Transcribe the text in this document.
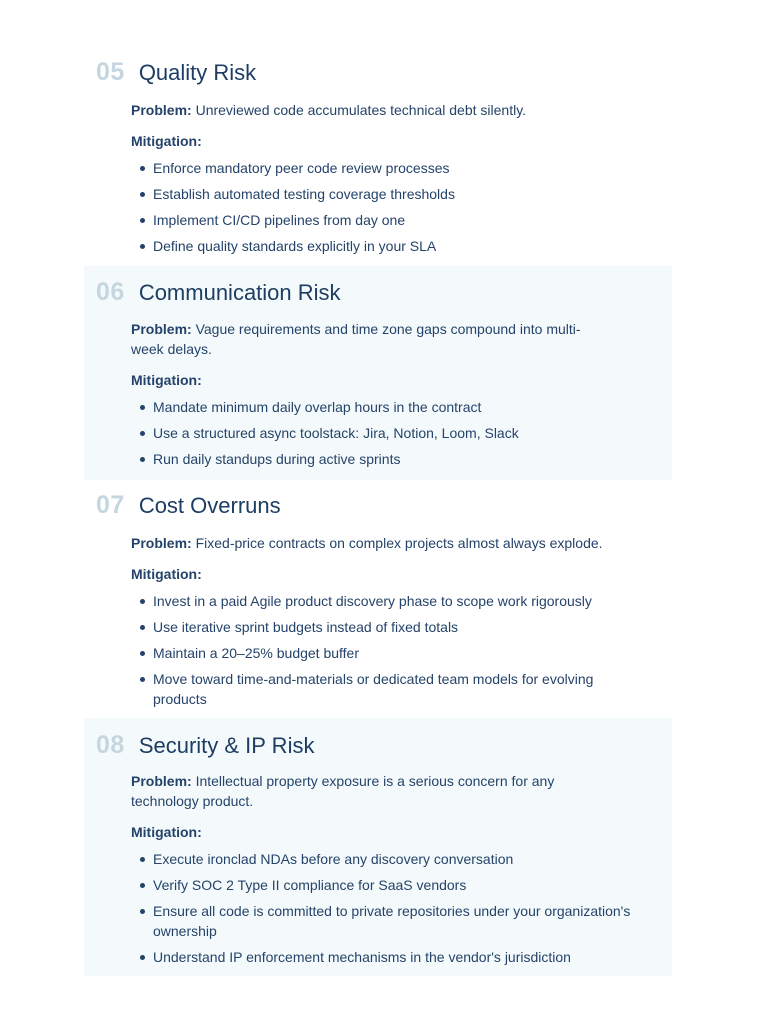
05 Quality Risk
Problem: Unreviewed code accumulates technical debt silently.
Mitigation:
Enforce mandatory peer code review processes
Establish automated testing coverage thresholds
Implement CI/CD pipelines from day one
Define quality standards explicitly in your SLA
06 Communication Risk
Problem: Vague requirements and time zone gaps compound into multi-week delays.
Mitigation:
Mandate minimum daily overlap hours in the contract
Use a structured async toolstack: Jira, Notion, Loom, Slack
Run daily standups during active sprints
07 Cost Overruns
Problem: Fixed-price contracts on complex projects almost always explode.
Mitigation:
Invest in a paid Agile product discovery phase to scope work rigorously
Use iterative sprint budgets instead of fixed totals
Maintain a 20–25% budget buffer
Move toward time-and-materials or dedicated team models for evolving products
08 Security & IP Risk
Problem: Intellectual property exposure is a serious concern for any technology product.
Mitigation:
Execute ironclad NDAs before any discovery conversation
Verify SOC 2 Type II compliance for SaaS vendors
Ensure all code is committed to private repositories under your organization's ownership
Understand IP enforcement mechanisms in the vendor's jurisdiction
